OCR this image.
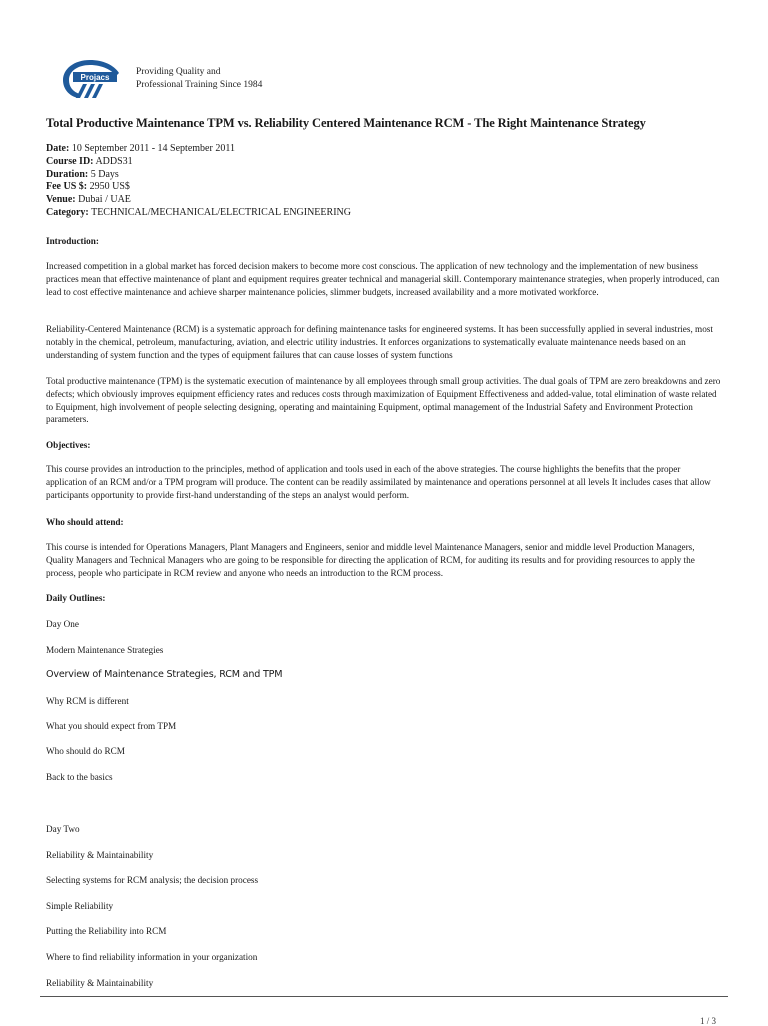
Projacs
Providing Quality and
Professional Training Since 1984
Total Productive Maintenance TPM vs. Reliability Centered Maintenance RCM - The Right Maintenance Strategy
Date: 10 September 2011 - 14 September 2011
Course ID: ADDS31
Duration: 5 Days
Fee US $: 2950 US$
Venue: Dubai / UAE
Category: TECHNICAL/MECHANICAL/ELECTRICAL ENGINEERING
Introduction:
Increased competition in a global market has forced decision makers to become more cost conscious. The application of new technology and the implementation of new business practices mean that effective maintenance of plant and equipment requires greater technical and managerial skill. Contemporary maintenance strategies, when properly introduced, can lead to cost effective maintenance and achieve sharper maintenance policies, slimmer budgets, increased availability and a more motivated workforce.
Reliability-Centered Maintenance (RCM) is a systematic approach for defining maintenance tasks for engineered systems. It has been successfully applied in several industries, most notably in the chemical, petroleum, manufacturing, aviation, and electric utility industries. It enforces organizations to systematically evaluate maintenance needs based on an understanding of system function and the types of equipment failures that can cause losses of system functions
Total productive maintenance (TPM) is the systematic execution of maintenance by all employees through small group activities. The dual goals of TPM are zero breakdowns and zero defects; which obviously improves equipment efficiency rates and reduces costs through maximization of Equipment Effectiveness and added-value, total elimination of waste related to Equipment, high involvement of people selecting designing, operating and maintaining Equipment, optimal management of the Industrial Safety and Environment Protection parameters.
Objectives:
This course provides an introduction to the principles, method of application and tools used in each of the above strategies. The course highlights the benefits that the proper application of an RCM and/or a TPM program will produce. The content can be readily assimilated by maintenance and operations personnel at all levels It includes cases that allow participants opportunity to provide first-hand understanding of the steps an analyst would perform.
Who should attend:
This course is intended for Operations Managers, Plant Managers and Engineers, senior and middle level Maintenance Managers, senior and middle level Production Managers, Quality Managers and Technical Managers who are going to be responsible for directing the application of RCM, for auditing its results and for providing resources to apply the process, people who participate in RCM review and anyone who needs an introduction to the RCM process.
Daily Outlines:
Day One
Modern Maintenance Strategies
Overview of Maintenance Strategies, RCM and TPM
Why RCM is different
What you should expect from TPM
Who should do RCM
Back to the basics
Day Two
Reliability & Maintainability
Selecting systems for RCM analysis; the decision process
Simple Reliability
Putting the Reliability into RCM
Where to find reliability information in your organization
Reliability & Maintainability
1 / 3
